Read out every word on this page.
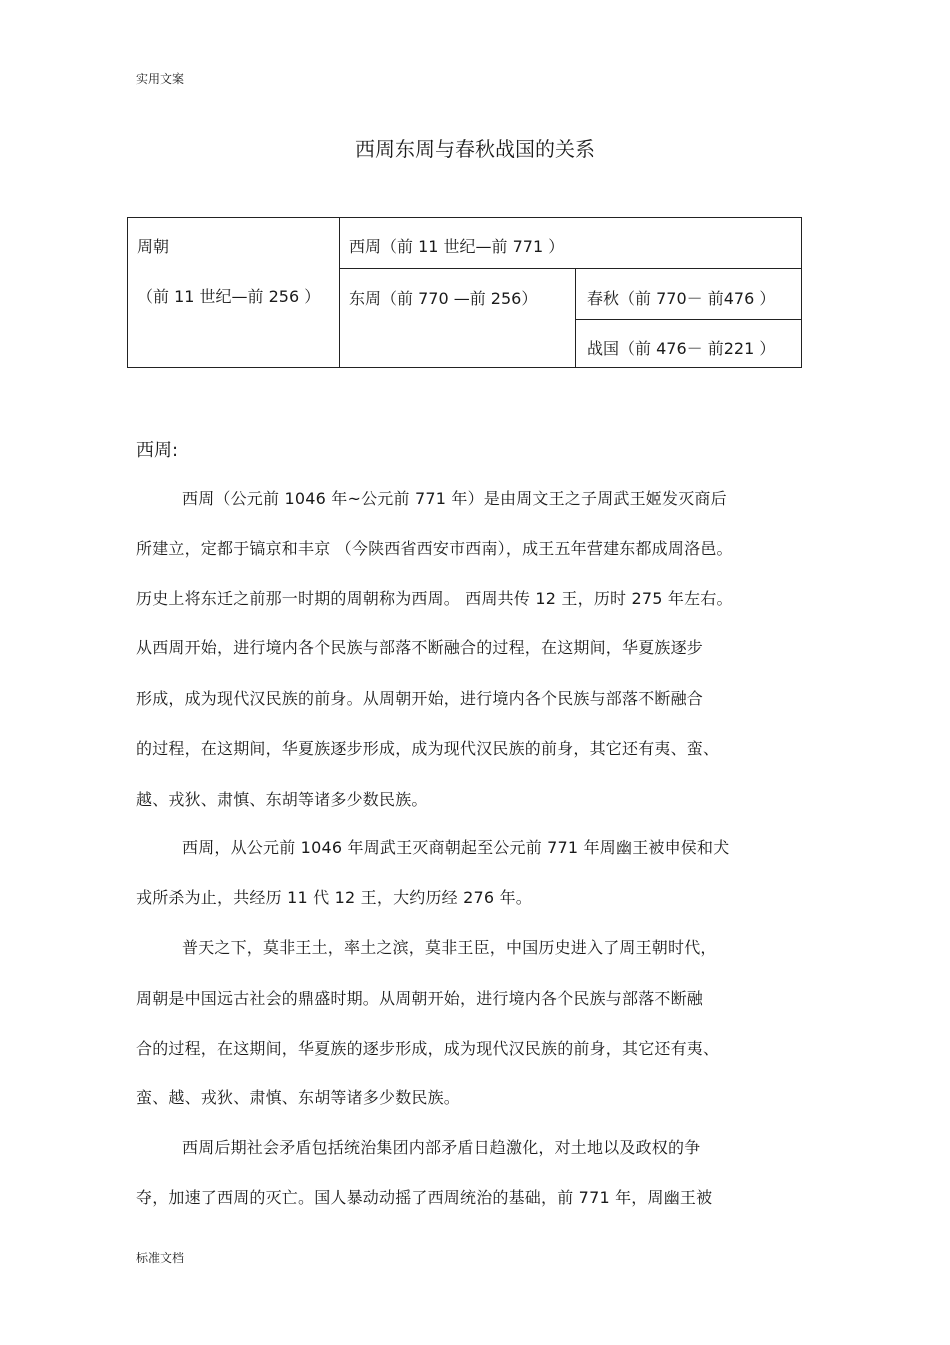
实用文案
西周东周与春秋战国的关系
周朝
（前 11 世纪—前 256 ）
西周（前 11 世纪—前 771 ）
东周（前 770 —前 256）	春秋（前 770－ 前476 ）
战国（前 476－ 前221 ）
西周:
西周（公元前 1046 年~公元前 771 年）是由周文王之子周武王姬发灭商后
所建立，定都于镐京和丰京 （今陕西省西安市西南），成王五年营建东都成周洛邑。
历史上将东迁之前那一时期的周朝称为西周。 西周共传 12 王，历时 275 年左右。
从西周开始，进行境内各个民族与部落不断融合的过程，在这期间，华夏族逐步
形成，成为现代汉民族的前身。从周朝开始，进行境内各个民族与部落不断融合
的过程，在这期间，华夏族逐步形成，成为现代汉民族的前身，其它还有夷、蛮、
越、戎狄、肃慎、东胡等诸多少数民族。
西周，从公元前 1046 年周武王灭商朝起至公元前 771 年周幽王被申侯和犬
戎所杀为止，共经历 11 代 12 王，大约历经 276 年。
普天之下，莫非王土，率土之滨，莫非王臣，中国历史进入了周王朝时代，
周朝是中国远古社会的鼎盛时期。从周朝开始，进行境内各个民族与部落不断融
合的过程，在这期间，华夏族的逐步形成，成为现代汉民族的前身，其它还有夷、
蛮、越、戎狄、肃慎、东胡等诸多少数民族。
西周后期社会矛盾包括统治集团内部矛盾日趋激化，对土地以及政权的争
夺，加速了西周的灭亡。国人暴动动摇了西周统治的基础，前 771 年，周幽王被
标准文档
